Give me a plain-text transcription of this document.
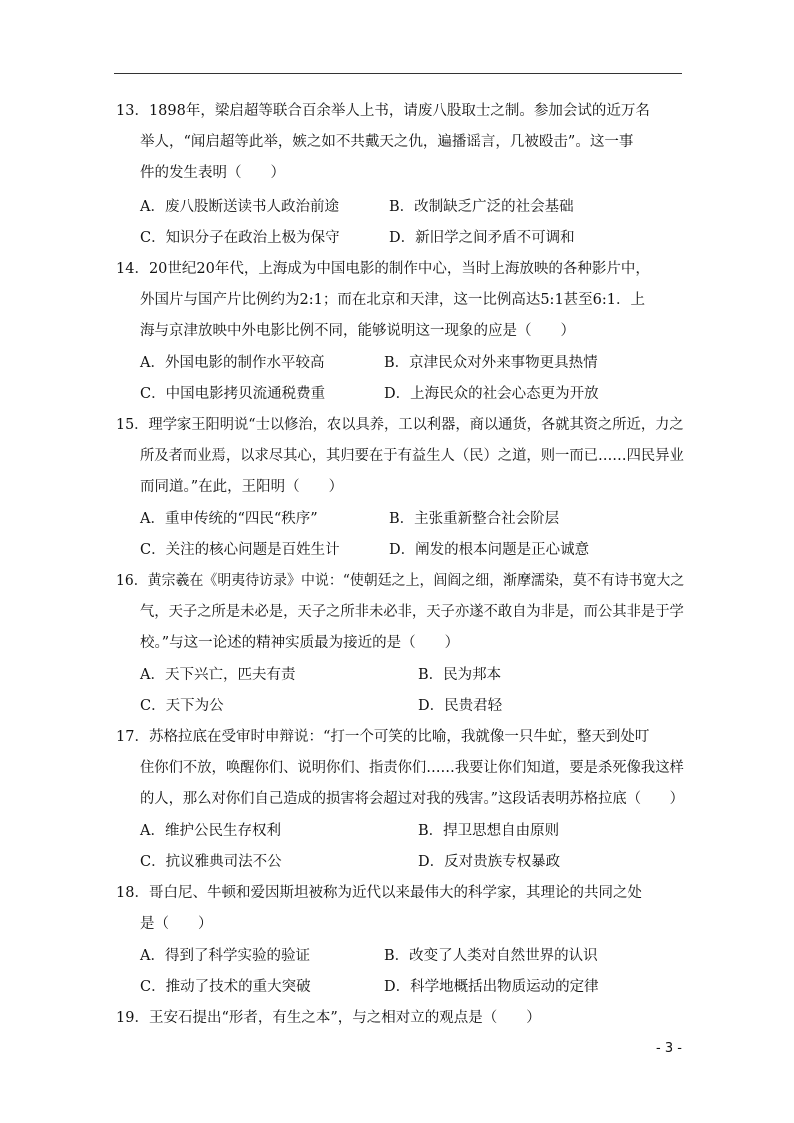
13．1898年，梁启超等联合百余举人上书，请废八股取士之制。参加会试的近万名
举人，“闻启超等此举，嫉之如不共戴天之仇，遍播谣言，几被殴击”。这一事
件的发生表明（　　）
A．废八股断送读书人政治前途	B．改制缺乏广泛的社会基础
C．知识分子在政治上极为保守	D．新旧学之间矛盾不可调和
14．20世纪20年代，上海成为中国电影的制作中心，当时上海放映的各种影片中，
外国片与国产片比例约为2:1；而在北京和天津，这一比例高达5:1甚至6:1．上
海与京津放映中外电影比例不同，能够说明这一现象的应是（　　）
A．外国电影的制作水平较高	B．京津民众对外来事物更具热情
C．中国电影拷贝流通税费重	D．上海民众的社会心态更为开放
15．理学家王阳明说“士以修治，农以具养，工以利器，商以通货，各就其资之所近，力之
所及者而业焉，以求尽其心，其归要在于有益生人（民）之道，则一而已……四民异业
而同道。”在此，王阳明（　　）
A．重申传统的“四民“秩序”	B．主张重新整合社会阶层
C．关注的核心问题是百姓生计	D．阐发的根本问题是正心诚意
16．黄宗羲在《明夷待访录》中说：“使朝廷之上，闾阎之细，渐摩濡染，莫不有诗书宽大之
气，天子之所是未必是，天子之所非未必非，天子亦遂不敢自为非是，而公其非是于学
校。”与这一论述的精神实质最为接近的是（　　）
A．天下兴亡，匹夫有责	B．民为邦本
C．天下为公	D．民贵君轻
17．苏格拉底在受审时申辩说：“打一个可笑的比喻，我就像一只牛虻，整天到处叮
住你们不放，唤醒你们、说明你们、指责你们……我要让你们知道，要是杀死像我这样
的人，那么对你们自己造成的损害将会超过对我的残害。”这段话表明苏格拉底（　　）
A．维护公民生存权利	B．捍卫思想自由原则
C．抗议雅典司法不公	D．反对贵族专权暴政
18．哥白尼、牛顿和爱因斯坦被称为近代以来最伟大的科学家，其理论的共同之处
是（　　）
A．得到了科学实验的验证	B．改变了人类对自然世界的认识
C．推动了技术的重大突破	D．科学地概括出物质运动的定律
19．王安石提出“形者，有生之本”，与之相对立的观点是（　　）
- 3 -
